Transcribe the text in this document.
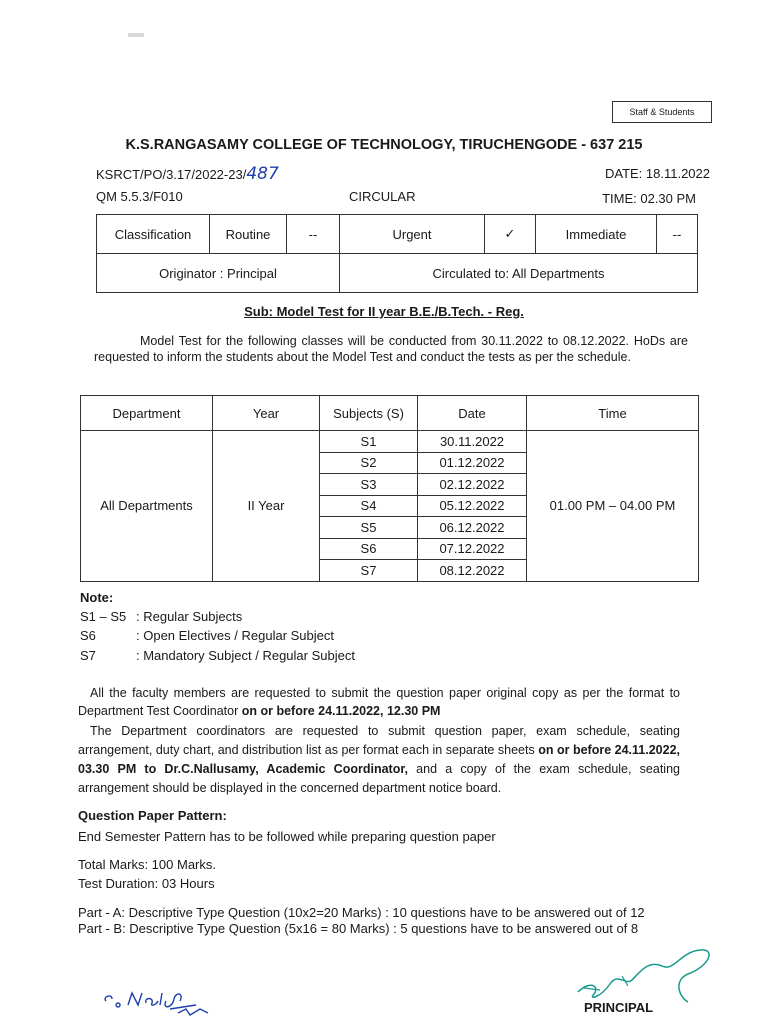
Staff & Students
K.S.RANGASAMY COLLEGE OF TECHNOLOGY, TIRUCHENGODE - 637 215
KSRCT/PO/3.17/2022-23/487	DATE: 18.11.2022
QM 5.5.3/F010	CIRCULAR	TIME: 02.30 PM
Classification	Routine	--	Urgent	✓	Immediate	--
Originator : Principal			Circulated to: All Departments			
Sub: Model Test for II year B.E./B.Tech. - Reg.
Model Test for the following classes will be conducted from 30.11.2022 to 08.12.2022. HoDs are requested to inform the students about the Model Test and conduct the tests as per the schedule.
Department	Year	Subjects (S)	Date	Time
All Departments	II Year	S1	30.11.2022	01.00 PM – 04.00 PM
		S2	01.12.2022	
		S3	02.12.2022	
		S4	05.12.2022	
		S5	06.12.2022	
		S6	07.12.2022	
		S7	08.12.2022	
Note:
S1 – S5 : Regular Subjects
S6	: Open Electives / Regular Subject
S7	: Mandatory Subject / Regular Subject
All the faculty members are requested to submit the question paper original copy as per the format to Department Test Coordinator on or before 24.11.2022, 12.30 PM
The Department coordinators are requested to submit question paper, exam schedule, seating arrangement, duty chart, and distribution list as per format each in separate sheets on or before 24.11.2022, 03.30 PM to Dr.C.Nallusamy, Academic Coordinator, and a copy of the exam schedule, seating arrangement should be displayed in the concerned department notice board.
Question Paper Pattern:
End Semester Pattern has to be followed while preparing question paper
Total Marks: 100 Marks.
Test Duration: 03 Hours
Part - A: Descriptive Type Question (10x2=20 Marks) : 10 questions have to be answered out of 12
Part - B: Descriptive Type Question (5x16 = 80 Marks) : 5 questions have to be answered out of 8
PRINCIPAL
